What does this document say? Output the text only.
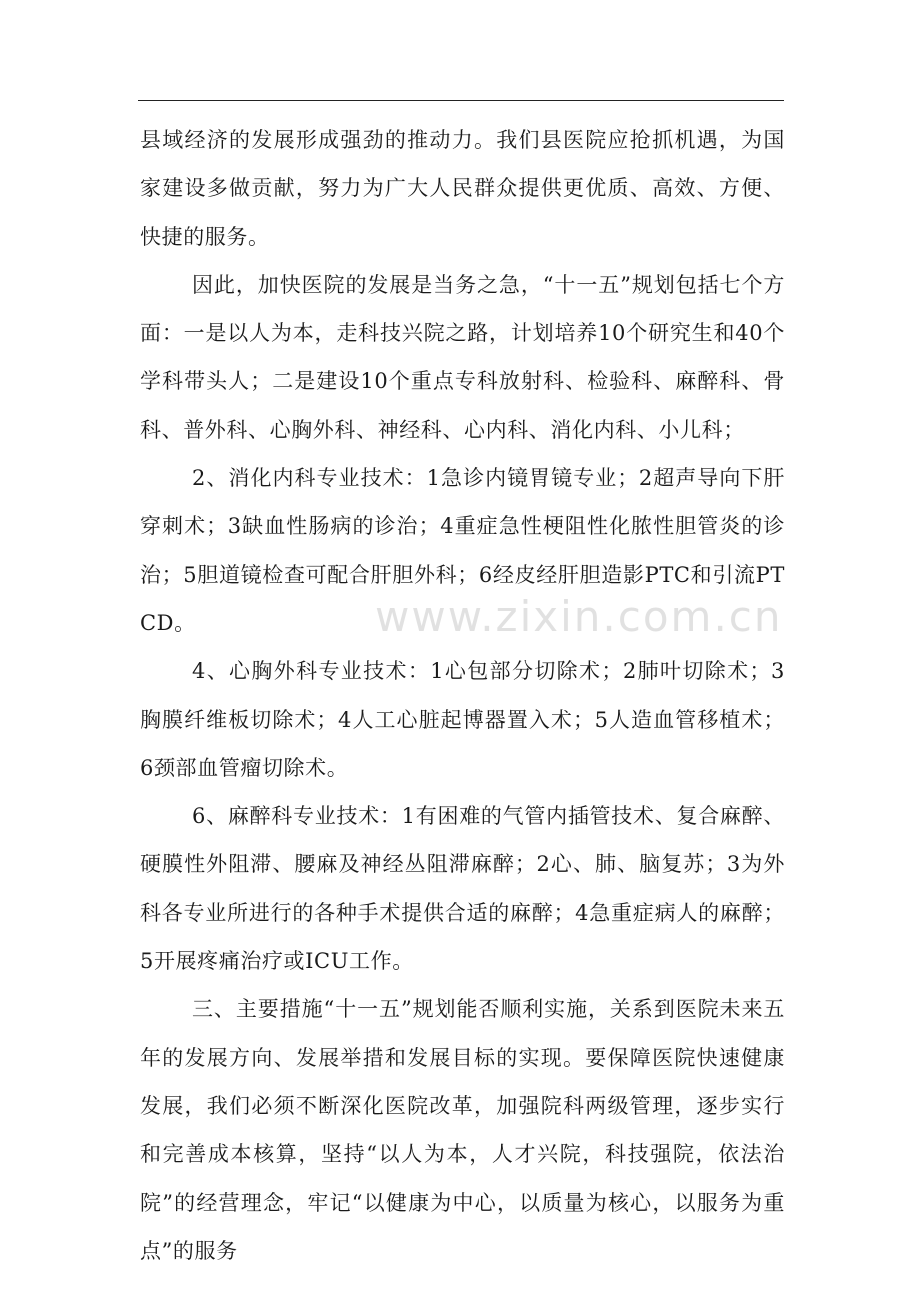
县域经济的发展形成强劲的推动力。我们县医院应抢抓机遇，为国家建设多做贡献，努力为广大人民群众提供更优质、高效、方便、快捷的服务。

因此，加快医院的发展是当务之急，“十一五”规划包括七个方面：一是以人为本，走科技兴院之路，计划培养10个研究生和40个学科带头人；二是建设10个重点专科放射科、检验科、麻醉科、骨科、普外科、心胸外科、神经科、心内科、消化内科、小儿科；

2、消化内科专业技术：1急诊内镜胃镜专业；2超声导向下肝穿刺术；3缺血性肠病的诊治；4重症急性梗阻性化脓性胆管炎的诊治；5胆道镜检查可配合肝胆外科；6经皮经肝胆造影PTC和引流PTCD。

4、心胸外科专业技术：1心包部分切除术；2肺叶切除术；3胸膜纤维板切除术；4人工心脏起博器置入术；5人造血管移植术；6颈部血管瘤切除术。

6、麻醉科专业技术：1有困难的气管内插管技术、复合麻醉、硬膜性外阻滞、腰麻及神经丛阻滞麻醉；2心、肺、脑复苏；3为外科各专业所进行的各种手术提供合适的麻醉；4急重症病人的麻醉；5开展疼痛治疗或ICU工作。

三、主要措施“十一五”规划能否顺利实施，关系到医院未来五年的发展方向、发展举措和发展目标的实现。要保障医院快速健康发展，我们必须不断深化医院改革，加强院科两级管理，逐步实行和完善成本核算，坚持“以人为本，人才兴院，科技强院，依法治院”的经营理念，牢记“以健康为中心，以质量为核心，以服务为重点”的服务

www.zixin.com.cn
